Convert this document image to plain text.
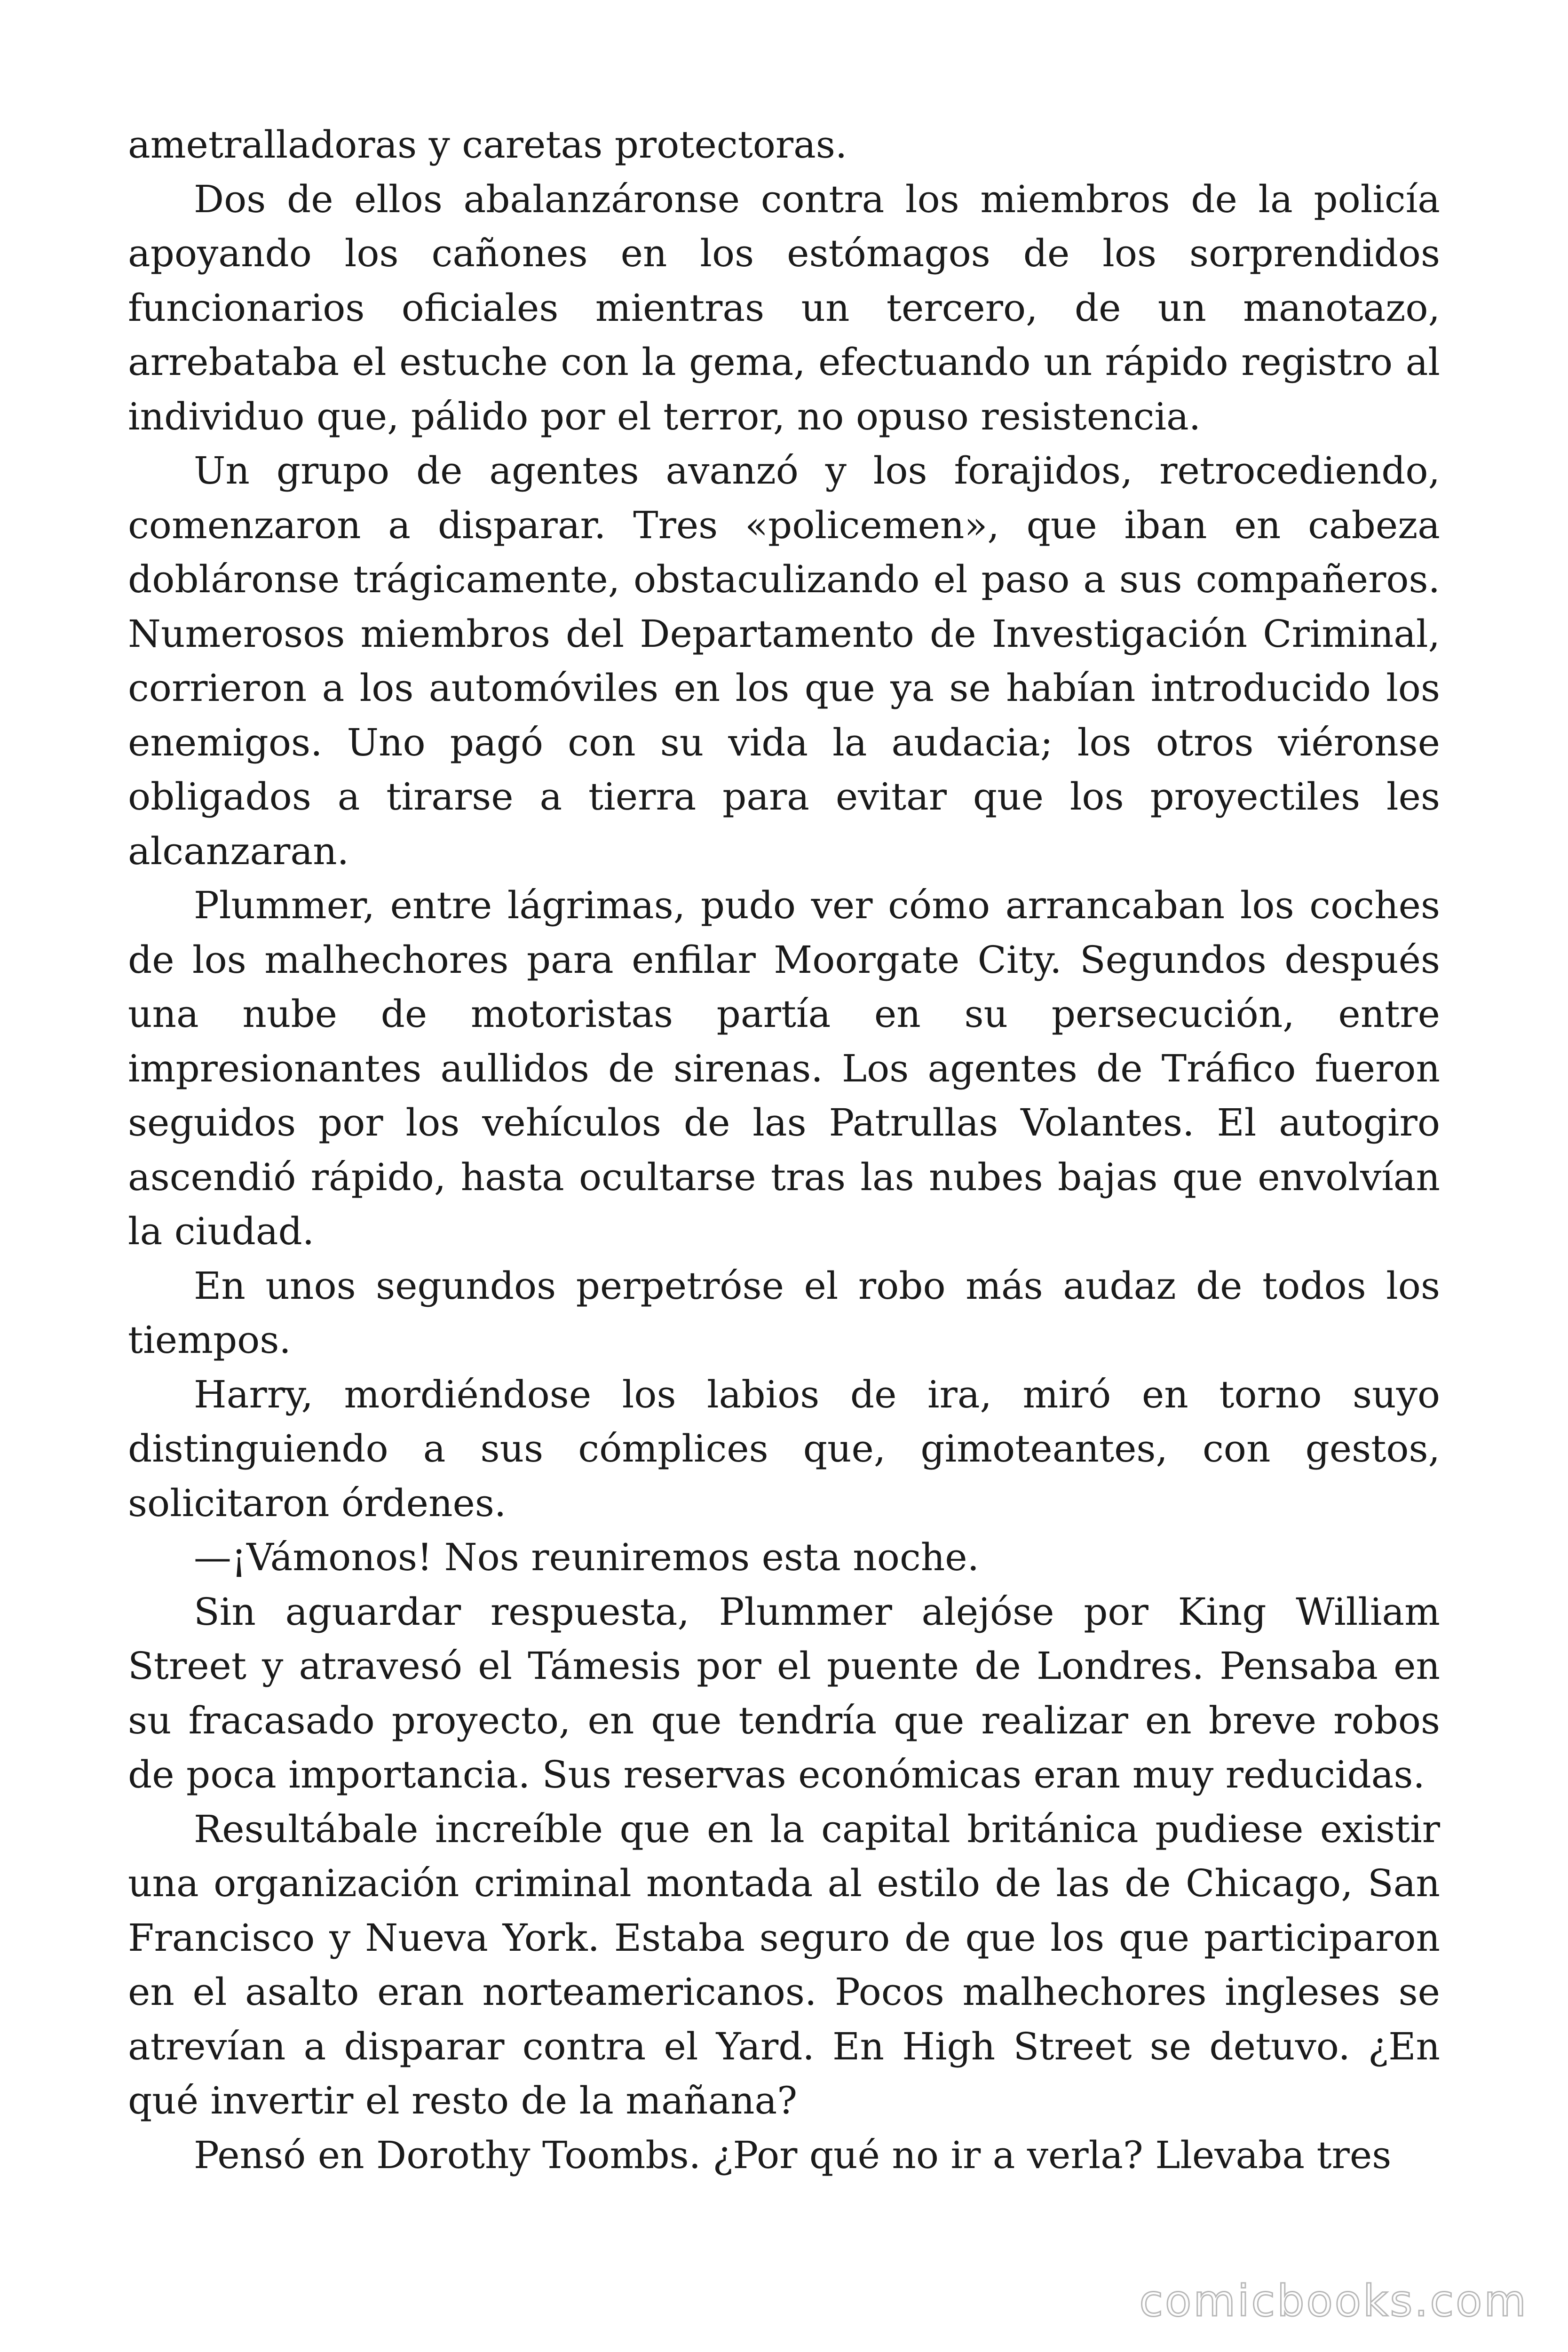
ametralladoras y caretas protectoras.

Dos de ellos abalanzáronse contra los miembros de la policía apoyando los cañones en los estómagos de los sorprendidos funcionarios oficiales mientras un tercero, de un manotazo, arrebataba el estuche con la gema, efectuando un rápido registro al individuo que, pálido por el terror, no opuso resistencia.

Un grupo de agentes avanzó y los forajidos, retrocediendo, comenzaron a disparar. Tres «policemen», que iban en cabeza dobláronse trágicamente, obstaculizando el paso a sus compañeros. Numerosos miembros del Departamento de Investigación Criminal, corrieron a los automóviles en los que ya se habían introducido los enemigos. Uno pagó con su vida la audacia; los otros viéronse obligados a tirarse a tierra para evitar que los proyectiles les alcanzaran.

Plummer, entre lágrimas, pudo ver cómo arrancaban los coches de los malhechores para enfilar Moorgate City. Segundos después una nube de motoristas partía en su persecución, entre impresionantes aullidos de sirenas. Los agentes de Tráfico fueron seguidos por los vehículos de las Patrullas Volantes. El autogiro ascendió rápido, hasta ocultarse tras las nubes bajas que envolvían la ciudad.

En unos segundos perpetróse el robo más audaz de todos los tiempos.

Harry, mordiéndose los labios de ira, miró en torno suyo distinguiendo a sus cómplices que, gimoteantes, con gestos, solicitaron órdenes.

—¡Vámonos! Nos reuniremos esta noche.

Sin aguardar respuesta, Plummer alejóse por King William Street y atravesó el Támesis por el puente de Londres. Pensaba en su fracasado proyecto, en que tendría que realizar en breve robos de poca importancia. Sus reservas económicas eran muy reducidas.

Resultábale increíble que en la capital británica pudiese existir una organización criminal montada al estilo de las de Chicago, San Francisco y Nueva York. Estaba seguro de que los que participaron en el asalto eran norteamericanos. Pocos malhechores ingleses se atrevían a disparar contra el Yard. En High Street se detuvo. ¿En qué invertir el resto de la mañana?

Pensó en Dorothy Toombs. ¿Por qué no ir a verla? Llevaba tres

comicbooks.com
